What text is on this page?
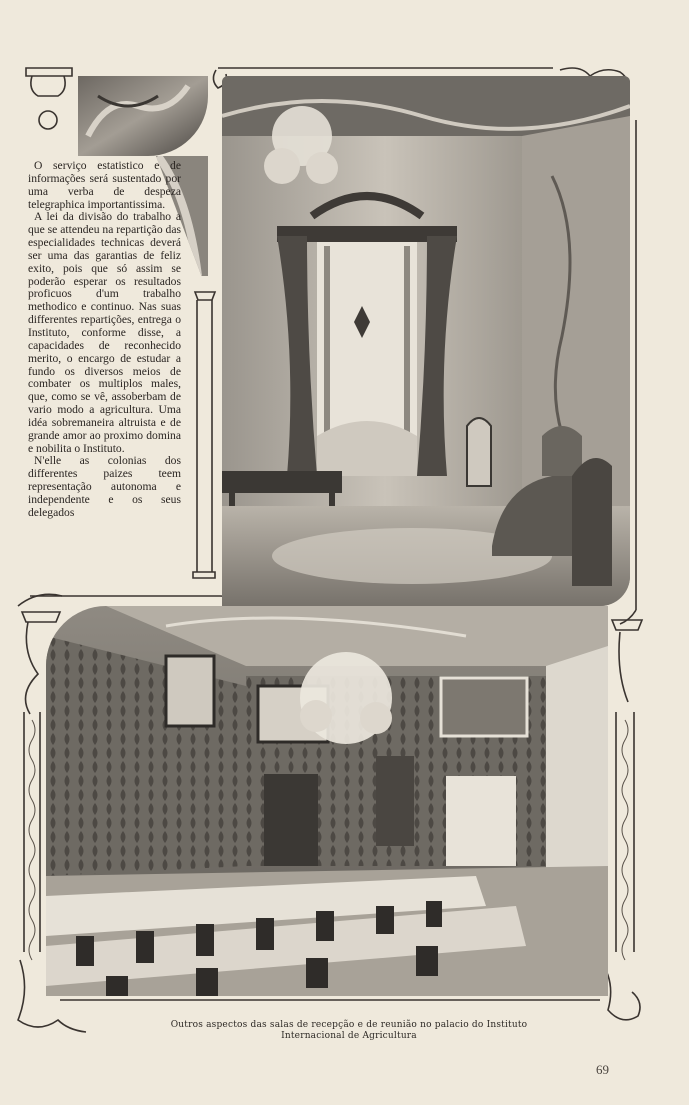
O serviço estatistico e de informações será sustentado por uma verba de despeza telegraphica importantissima.

A lei da divisão do trabalho a que se attendeu na repartição das especialidades technicas deverá ser uma das garantias de feliz exito, pois que só assim se poderão esperar os resultados proficuos d'um trabalho methodico e continuo. Nas suas differentes repartições, entrega o Instituto, conforme disse, a capacidades de reconhecido merito, o encargo de estudar a fundo os diversos meios de combater os multiplos males, que, como se vê, assoberbam de vario modo a agricultura. Uma idéa sobremaneira altruista e de grande amor ao proximo domina e nobilita o Instituto.

N'elle as colonias dos differentes paizes teem representação autonoma e independente e os seus delegados

Outros aspectos das salas de recepção e de reunião no palacio do Instituto
Internacional de Agricultura
69
